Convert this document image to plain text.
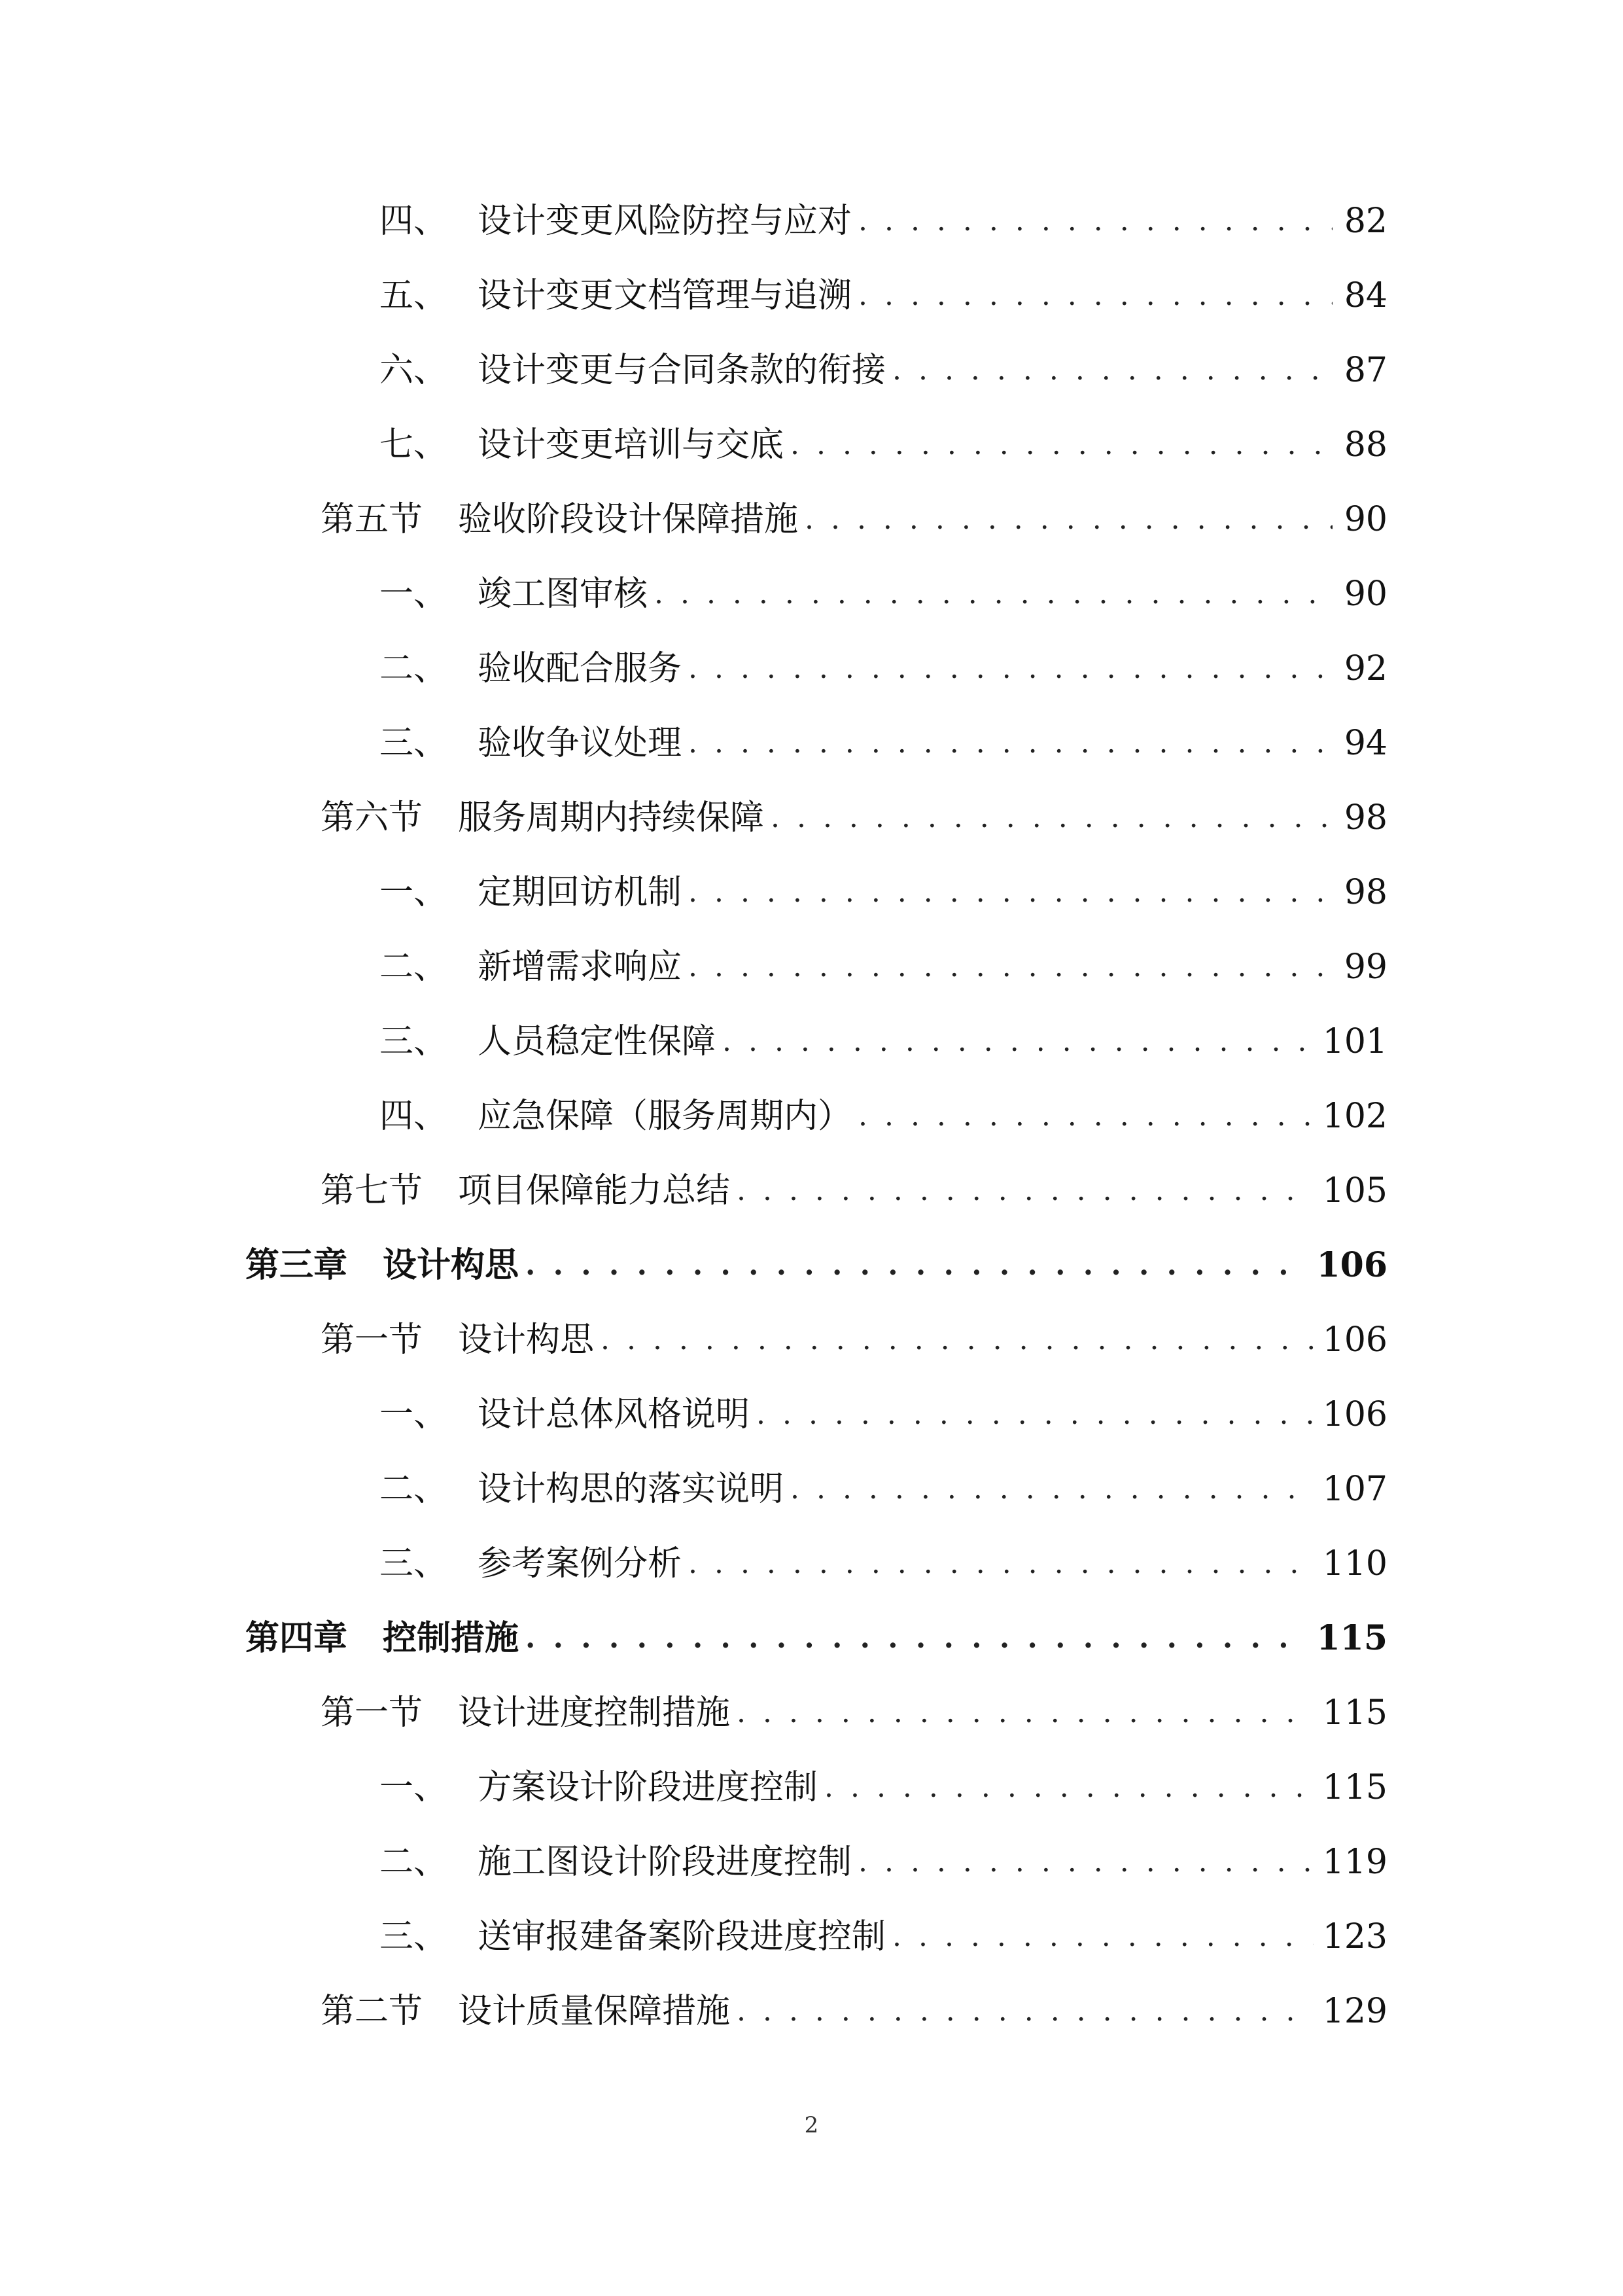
四、 设计变更风险防控与应对 . . .	82
五、 设计变更文档管理与追溯 . . .	84
六、 设计变更与合同条款的衔接 . . .	87
七、 设计变更培训与交底 . . .	88
第五节	验收阶段设计保障措施 . . .	90
一、 竣工图审核 . . .	90
二、 验收配合服务 . . .	92
三、 验收争议处理 . . .	94
第六节	服务周期内持续保障 . . .	98
一、 定期回访机制 . . .	98
二、 新增需求响应 . . .	99
三、 人员稳定性保障 . . .	101
四、 应急保障（服务周期内） . . .	102
第七节	项目保障能力总结 . . .	105
第三章	设计构思 . . .	106
第一节	设计构思 . . .	106
一、 设计总体风格说明 . . .	106
二、 设计构思的落实说明 . . .	107
三、 参考案例分析 . . .	110
第四章	控制措施 . . .	115
第一节	设计进度控制措施 . . .	115
一、 方案设计阶段进度控制 . . .	115
二、 施工图设计阶段进度控制 . . .	119
三、 送审报建备案阶段进度控制 . . .	123
第二节	设计质量保障措施 . . .	129
2
